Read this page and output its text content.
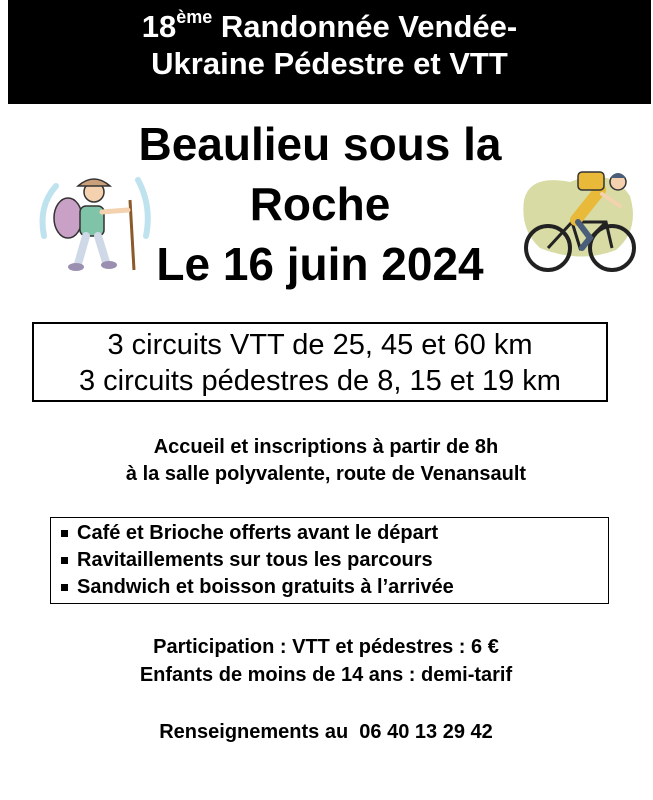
18ème Randonnée Vendée-
Ukraine Pédestre et VTT
Beaulieu sous la
Roche
Le 16 juin 2024
3 circuits VTT de 25, 45 et 60 km
3 circuits pédestres de 8, 15 et 19 km
Accueil et inscriptions à partir de 8h
à la salle polyvalente, route de Venansault
Café et Brioche offerts avant le départ
Ravitaillements sur tous les parcours
Sandwich et boisson gratuits à l’arrivée
Participation : VTT et pédestres : 6 €
Enfants de moins de 14 ans : demi-tarif
Renseignements au  06 40 13 29 42
